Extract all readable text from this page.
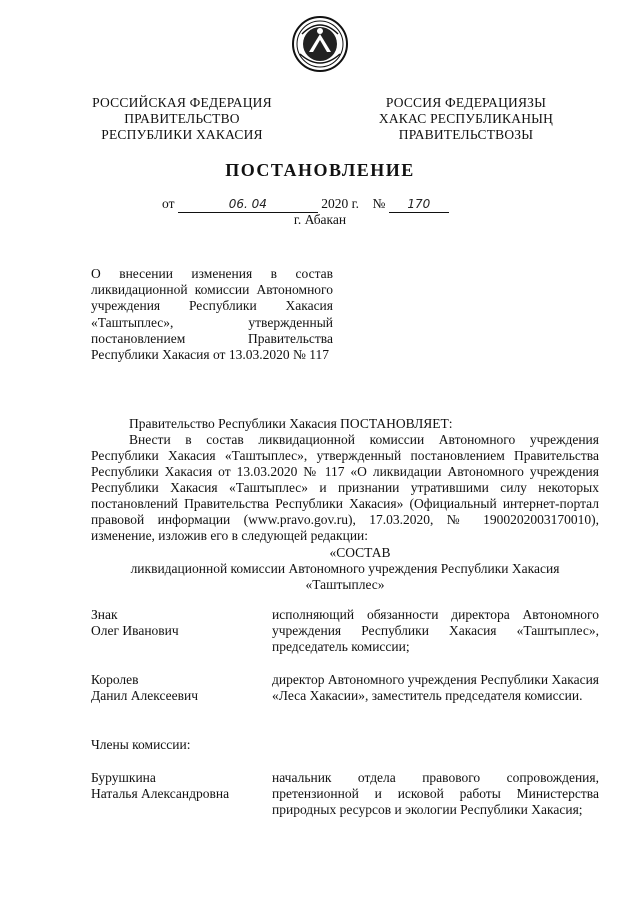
РОССИЙСКАЯ ФЕДЕРАЦИЯ
ПРАВИТЕЛЬСТВО
РЕСПУБЛИКИ ХАКАСИЯ
РОССИЯ ФЕДЕРАЦИЯЗЫ
ХАКАС РЕСПУБЛИКАНЫҢ
ПРАВИТЕЛЬСТВОЗЫ
ПОСТАНОВЛЕНИЕ
от	06. 04	2020 г. № 170
г. Абакан
О внесении изменения в состав ликвидационной комиссии Автономного учреждения Республики Хакасия «Таштыплес», утвержденный постановлением Правительства Республики Хакасия от 13.03.2020 № 117
Правительство Республики Хакасия ПОСТАНОВЛЯЕТ:
Внести в состав ликвидационной комиссии Автономного учреждения Республики Хакасия «Таштыплес», утвержденный постановлением Правительства Республики Хакасия от 13.03.2020 № 117 «О ликвидации Автономного учреждения Республики Хакасия «Таштыплес» и признании утратившими силу некоторых постановлений Правительства Республики Хакасия» (Официальный интернет-портал правовой информации (www.pravo.gov.ru), 17.03.2020, № 1900202003170010), изменение, изложив его в следующей редакции:
«СОСТАВ
ликвидационной комиссии Автономного учреждения Республики Хакасия
«Таштыплес»
Знак
Олег Иванович
исполняющий обязанности директора Автономного учреждения Республики Хакасия «Таштыплес», председатель комиссии;
Королев
Данил Алексеевич
директор Автономного учреждения Республики Хакасия «Леса Хакасии», заместитель председателя комиссии.
Члены комиссии:
Бурушкина
Наталья Александровна
начальник отдела правового сопровождения, претензионной и исковой работы Министерства природных ресурсов и экологии Республики Хакасия;
